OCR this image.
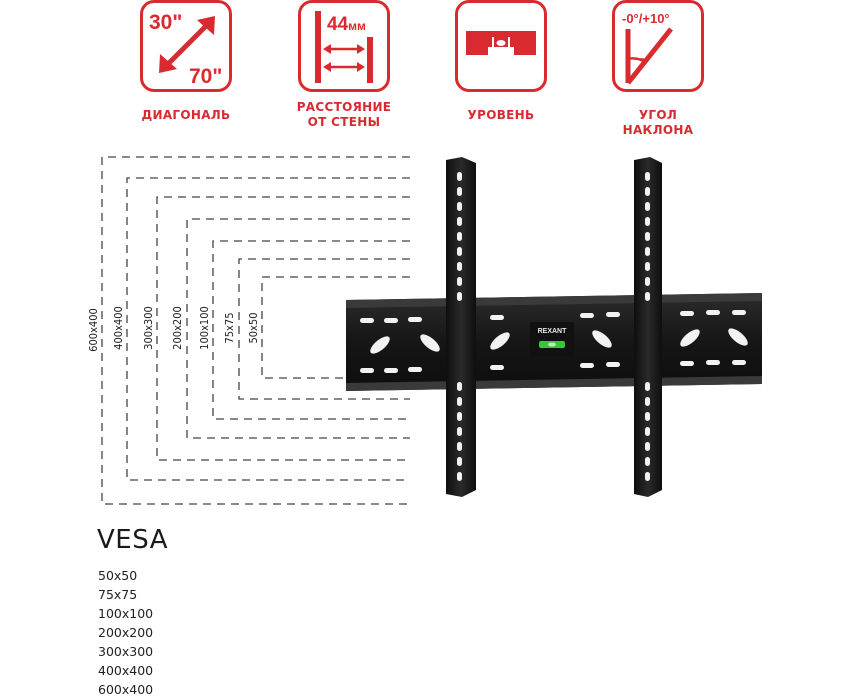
30"
70"
ДИАГОНАЛЬ
44мм
РАССТОЯНИЕ
ОТ СТЕНЫ	УРОВЕНЬ
-0°/+10°
УГОЛ
НАКЛОНА
600x400 400x400 300x300 200x200 100x100 75x75 50x50	REXANT
VESA
50x50
75x75
100x100
200x200
300x300
400x400
600x400
